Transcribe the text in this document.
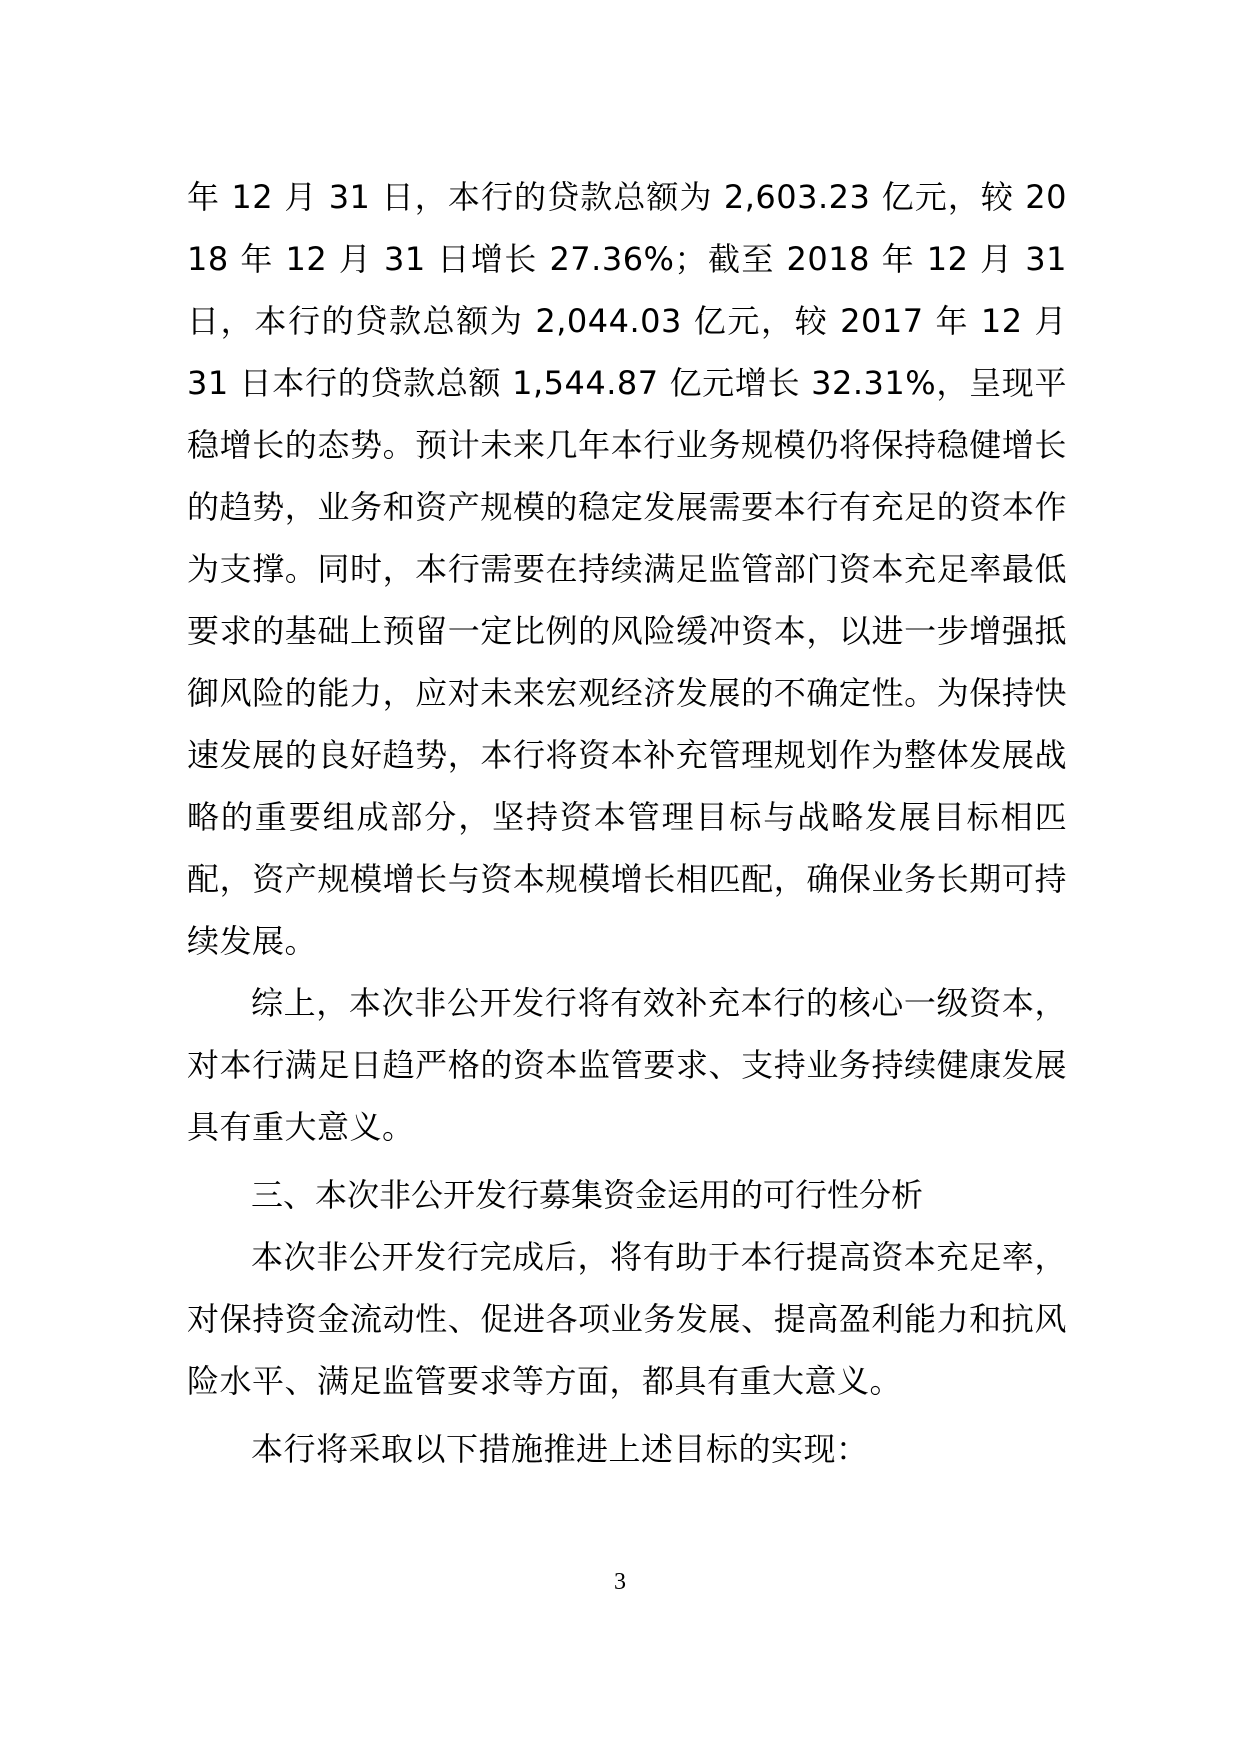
年 12 月 31 日，本行的贷款总额为 2,603.23 亿元，较 2018 年 12 月 31 日增长 27.36%；截至 2018 年 12 月 31 日，本行的贷款总额为 2,044.03 亿元，较 2017 年 12 月 31 日本行的贷款总额 1,544.87 亿元增长 32.31%，呈现平稳增长的态势。预计未来几年本行业务规模仍将保持稳健增长的趋势，业务和资产规模的稳定发展需要本行有充足的资本作为支撑。同时，本行需要在持续满足监管部门资本充足率最低要求的基础上预留一定比例的风险缓冲资本，以进一步增强抵御风险的能力，应对未来宏观经济发展的不确定性。为保持快速发展的良好趋势，本行将资本补充管理规划作为整体发展战略的重要组成部分，坚持资本管理目标与战略发展目标相匹配，资产规模增长与资本规模增长相匹配，确保业务长期可持续发展。

综上，本次非公开发行将有效补充本行的核心一级资本，对本行满足日趋严格的资本监管要求、支持业务持续健康发展具有重大意义。

三、本次非公开发行募集资金运用的可行性分析

本次非公开发行完成后，将有助于本行提高资本充足率，对保持资金流动性、促进各项业务发展、提高盈利能力和抗风险水平、满足监管要求等方面，都具有重大意义。

本行将采取以下措施推进上述目标的实现：

3
